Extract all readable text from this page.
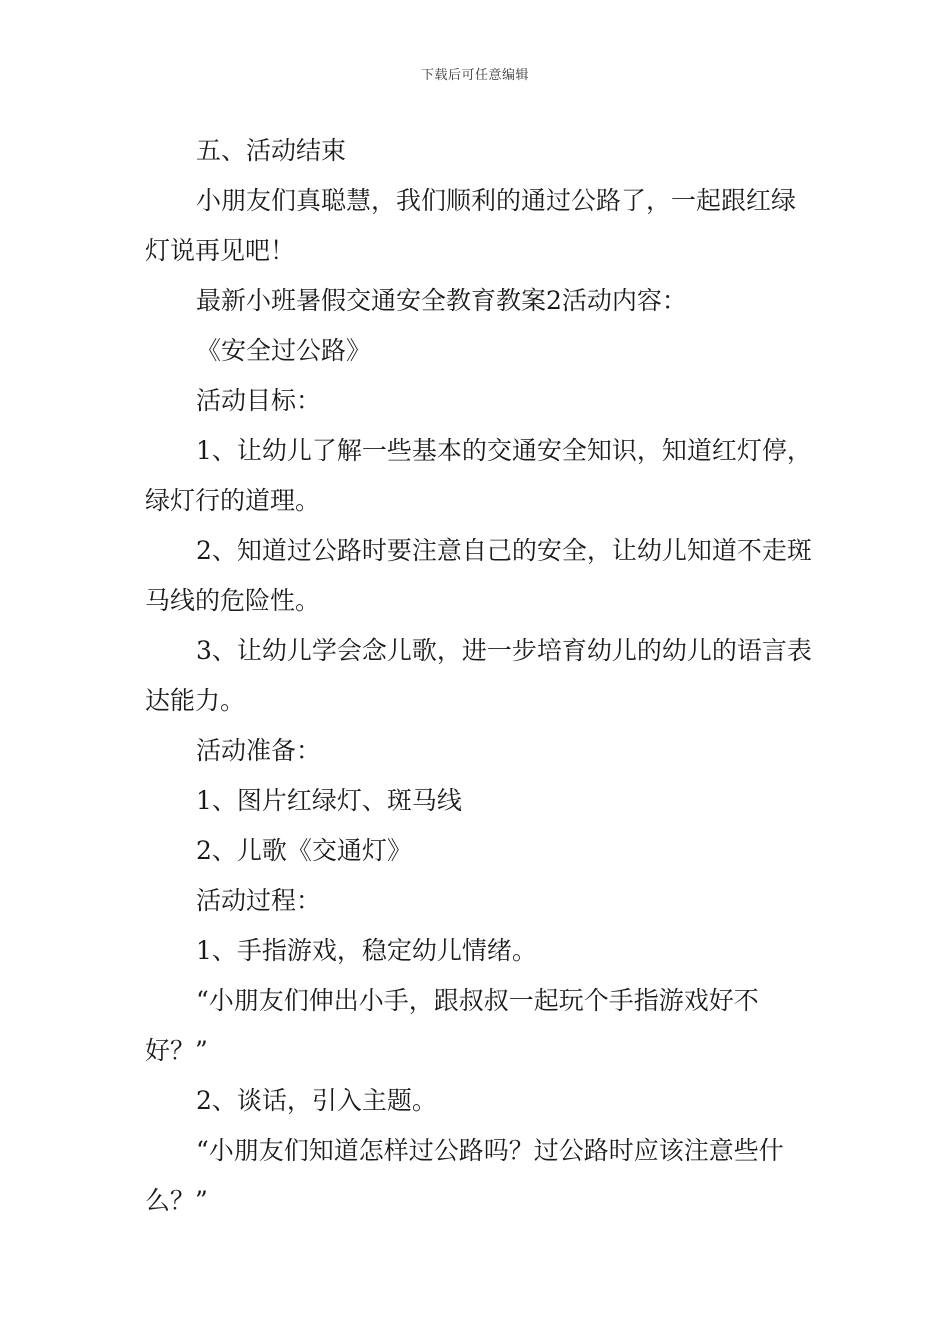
下载后可任意编辑

五、活动结束

小朋友们真聪慧，我们顺利的通过公路了，一起跟红绿灯说再见吧！

最新小班暑假交通安全教育教案2活动内容：

《安全过公路》

活动目标：

1、让幼儿了解一些基本的交通安全知识，知道红灯停，绿灯行的道理。

2、知道过公路时要注意自己的安全，让幼儿知道不走斑马线的危险性。

3、让幼儿学会念儿歌，进一步培育幼儿的幼儿的语言表达能力。

活动准备：

1、图片红绿灯、斑马线

2、儿歌《交通灯》

活动过程：

1、手指游戏，稳定幼儿情绪。

“小朋友们伸出小手，跟叔叔一起玩个手指游戏好不好？”

2、谈话，引入主题。

“小朋友们知道怎样过公路吗？过公路时应该注意些什么？”
